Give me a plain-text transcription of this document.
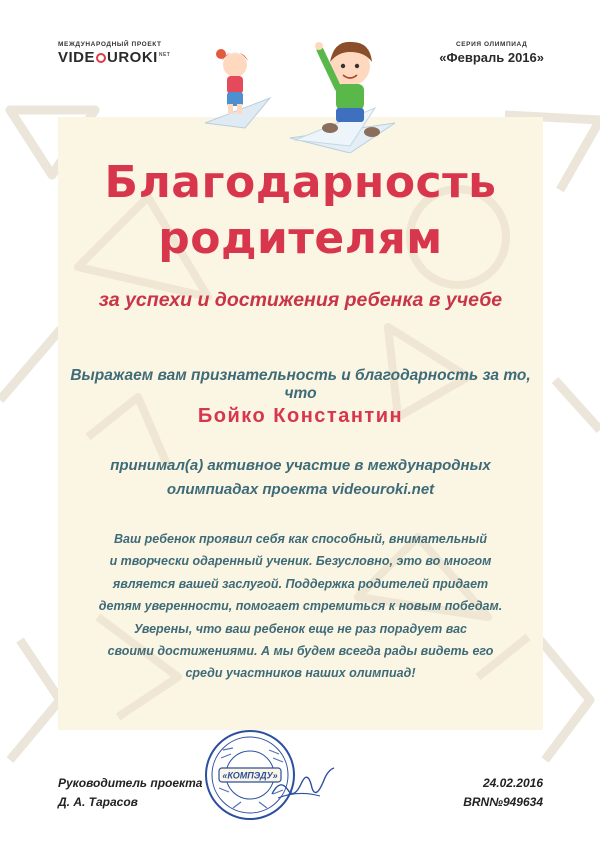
МЕЖДУНАРОДНЫЙ ПРОЕКТ
VIDE $UROKI^{NET}$
СЕРИЯ ОЛИМПИАД
«Февраль 2016»
Благодарность
родителям
за успехи и достижения ребенка в учебе
Выражаем вам признательность и благодарность за то, что
Бойко Константин
принимал(а) активное участие в международных
олимпиадах проекта videouroki.net
Ваш ребенок проявил себя как способный, внимательный
и творчески одаренный ученик. Безусловно, это во многом
является вашей заслугой. Поддержка родителей придает
детям уверенности, помогает стремиться к новым победам.
Уверены, что ваш ребенок еще не раз порадует вас
своими достижениями. А мы будем всегда рады видеть его
среди участников наших олимпиад!
«КОМПЭДУ»
Руководитель проекта
Д. А. Тарасов
24.02.2016
BRN№949634
